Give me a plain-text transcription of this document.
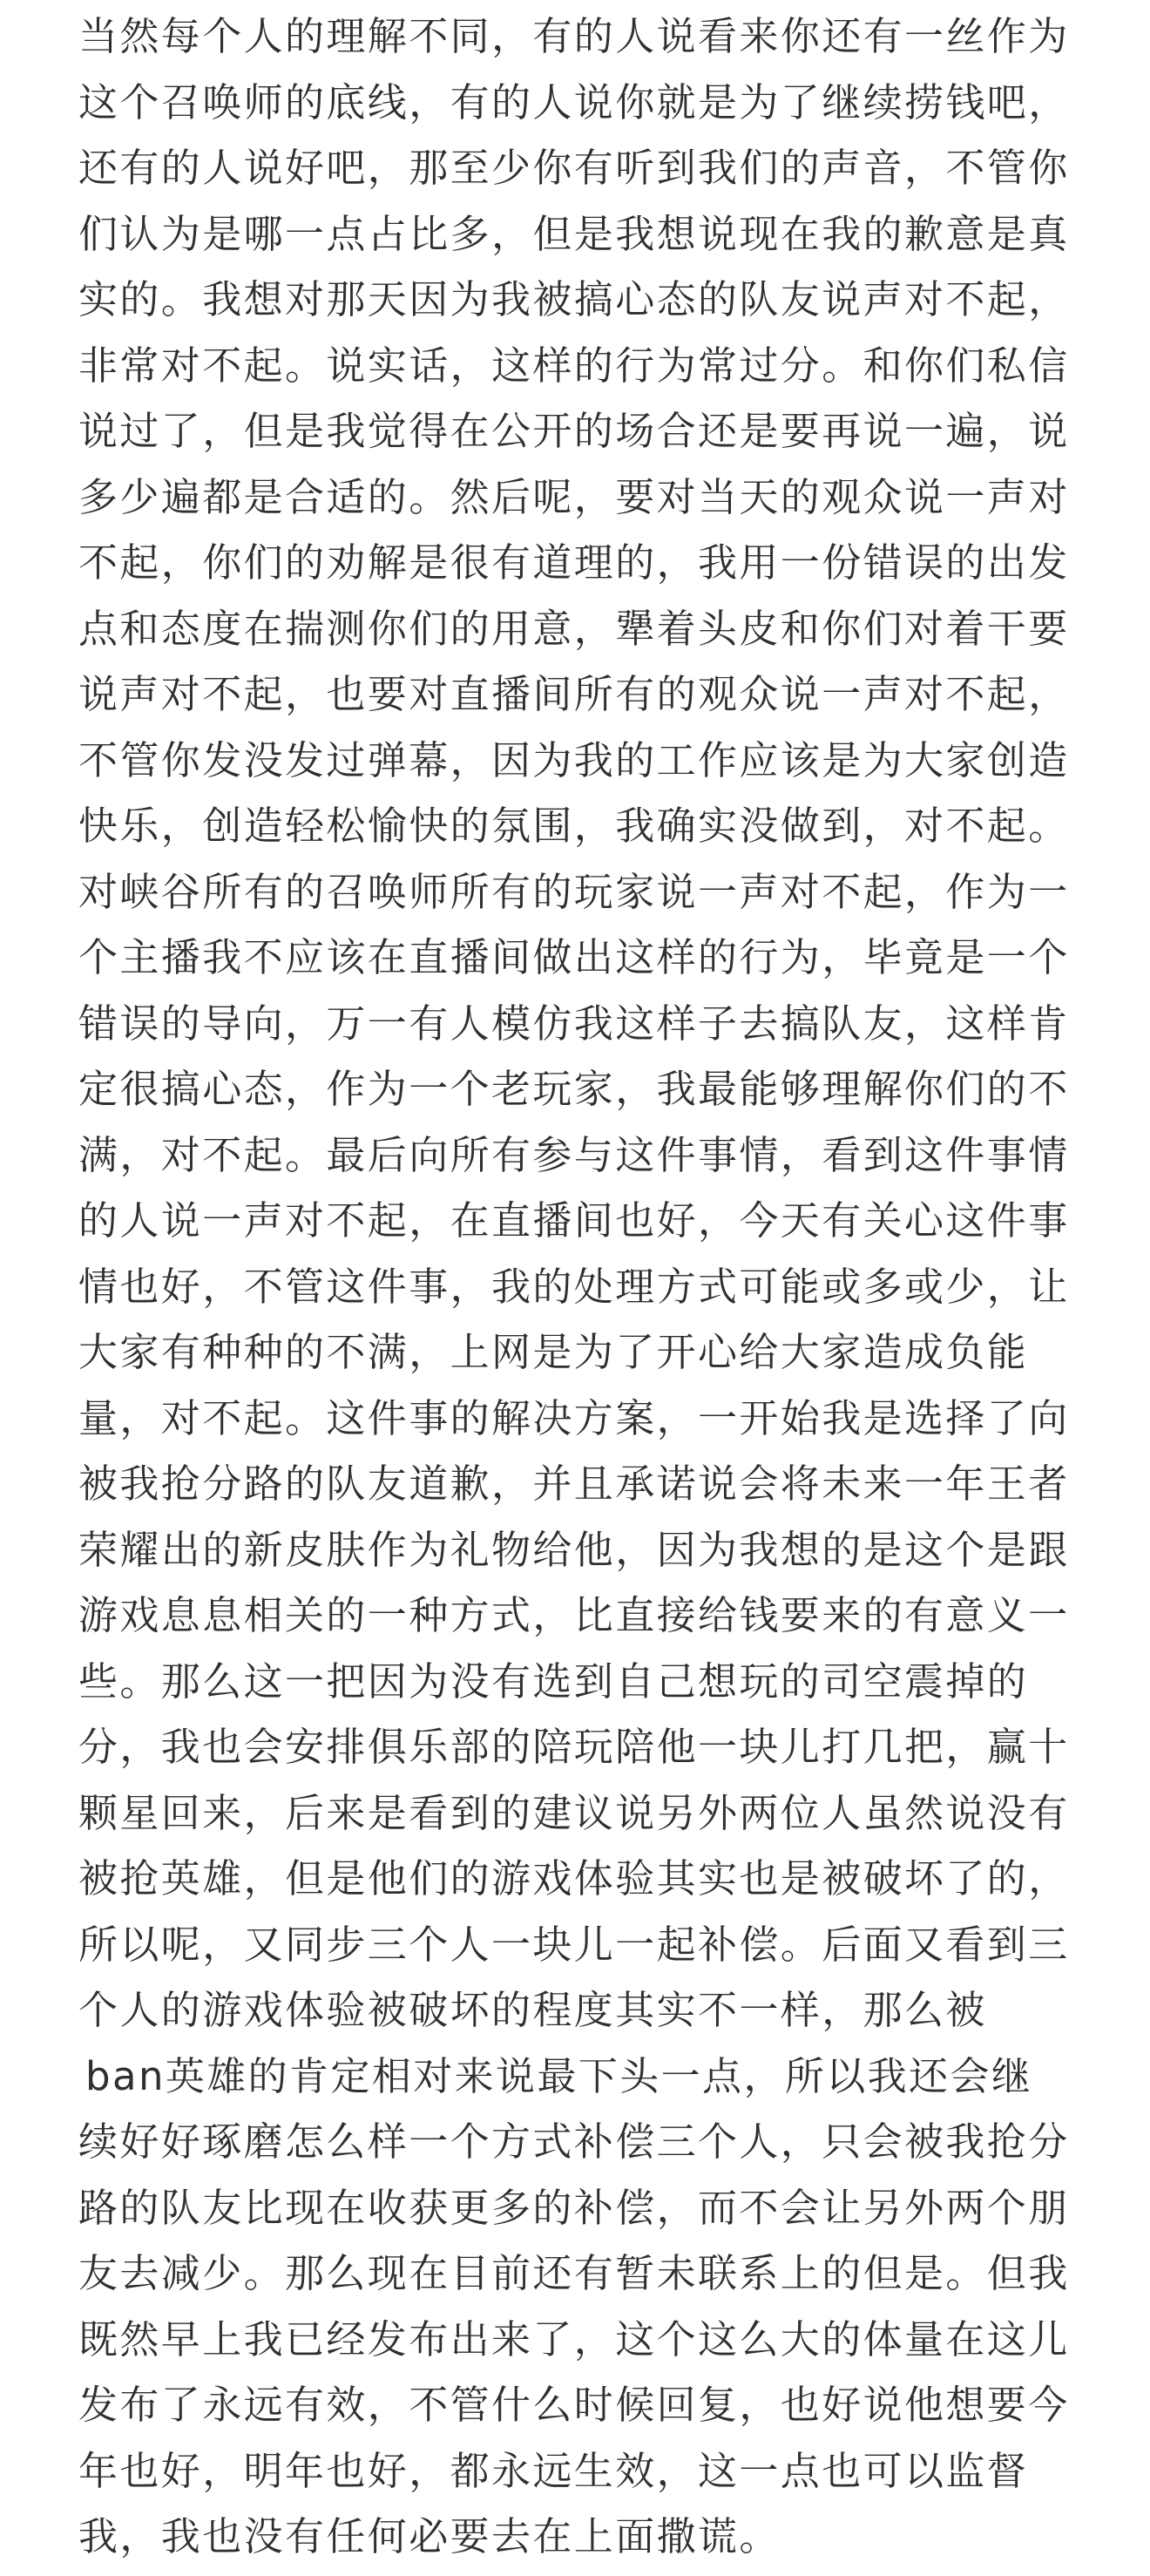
当然每个人的理解不同，有的人说看来你还有一丝作为
这个召唤师的底线，有的人说你就是为了继续捞钱吧，
还有的人说好吧，那至少你有听到我们的声音，不管你
们认为是哪一点占比多，但是我想说现在我的歉意是真
实的。我想对那天因为我被搞心态的队友说声对不起，
非常对不起。说实话，这样的行为常过分。和你们私信
说过了，但是我觉得在公开的场合还是要再说一遍，说
多少遍都是合适的。然后呢，要对当天的观众说一声对
不起，你们的劝解是很有道理的，我用一份错误的出发
点和态度在揣测你们的用意，犟着头皮和你们对着干要
说声对不起，也要对直播间所有的观众说一声对不起，
不管你发没发过弹幕，因为我的工作应该是为大家创造
快乐，创造轻松愉快的氛围，我确实没做到，对不起。
对峡谷所有的召唤师所有的玩家说一声对不起，作为一
个主播我不应该在直播间做出这样的行为，毕竟是一个
错误的导向，万一有人模仿我这样子去搞队友，这样肯
定很搞心态，作为一个老玩家，我最能够理解你们的不
满，对不起。最后向所有参与这件事情，看到这件事情
的人说一声对不起，在直播间也好，今天有关心这件事
情也好，不管这件事，我的处理方式可能或多或少，让
大家有种种的不满，上网是为了开心给大家造成负能
量，对不起。这件事的解决方案，一开始我是选择了向
被我抢分路的队友道歉，并且承诺说会将未来一年王者
荣耀出的新皮肤作为礼物给他，因为我想的是这个是跟
游戏息息相关的一种方式，比直接给钱要来的有意义一
些。那么这一把因为没有选到自己想玩的司空震掉的
分，我也会安排俱乐部的陪玩陪他一块儿打几把，赢十
颗星回来，后来是看到的建议说另外两位人虽然说没有
被抢英雄，但是他们的游戏体验其实也是被破坏了的，
所以呢，又同步三个人一块儿一起补偿。后面又看到三
个人的游戏体验被破坏的程度其实不一样，那么被
ban英雄的肯定相对来说最下头一点，所以我还会继
续好好琢磨怎么样一个方式补偿三个人，只会被我抢分
路的队友比现在收获更多的补偿，而不会让另外两个朋
友去减少。那么现在目前还有暂未联系上的但是。但我
既然早上我已经发布出来了，这个这么大的体量在这儿
发布了永远有效，不管什么时候回复，也好说他想要今
年也好，明年也好，都永远生效，这一点也可以监督
我，我也没有任何必要去在上面撒谎。
